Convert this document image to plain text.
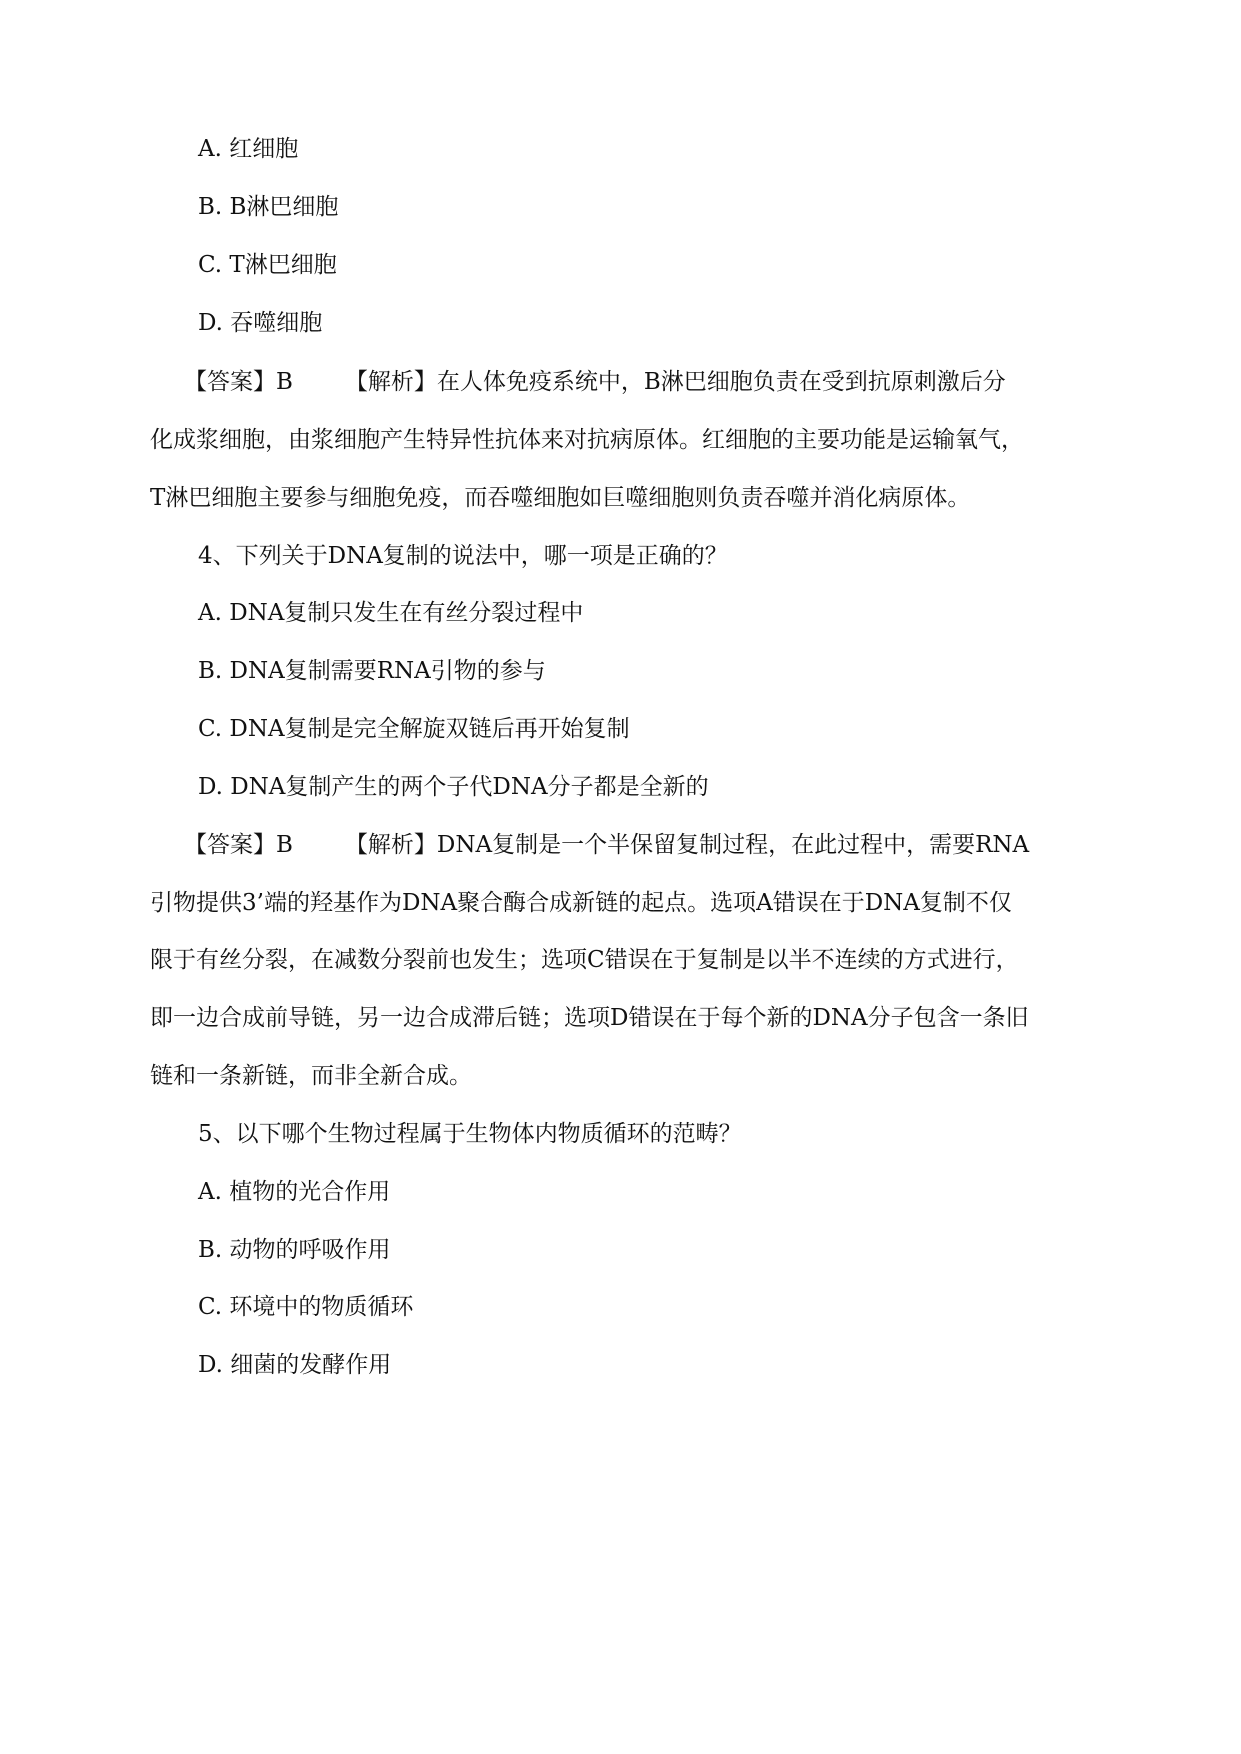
A. 红细胞
B. B淋巴细胞
C. T淋巴细胞
D. 吞噬细胞
【答案】B 【解析】在人体免疫系统中，B淋巴细胞负责在受到抗原刺激后分
化成浆细胞，由浆细胞产生特异性抗体来对抗病原体。红细胞的主要功能是运输氧气，
T淋巴细胞主要参与细胞免疫，而吞噬细胞如巨噬细胞则负责吞噬并消化病原体。
4、下列关于DNA复制的说法中，哪一项是正确的？
A. DNA复制只发生在有丝分裂过程中
B. DNA复制需要RNA引物的参与
C. DNA复制是完全解旋双链后再开始复制
D. DNA复制产生的两个子代DNA分子都是全新的
【答案】B 【解析】DNA复制是一个半保留复制过程，在此过程中，需要RNA
引物提供3’端的羟基作为DNA聚合酶合成新链的起点。选项A错误在于DNA复制不仅
限于有丝分裂，在减数分裂前也发生；选项C错误在于复制是以半不连续的方式进行，
即一边合成前导链，另一边合成滞后链；选项D错误在于每个新的DNA分子包含一条旧
链和一条新链，而非全新合成。
5、以下哪个生物过程属于生物体内物质循环的范畴？
A. 植物的光合作用
B. 动物的呼吸作用
C. 环境中的物质循环
D. 细菌的发酵作用
